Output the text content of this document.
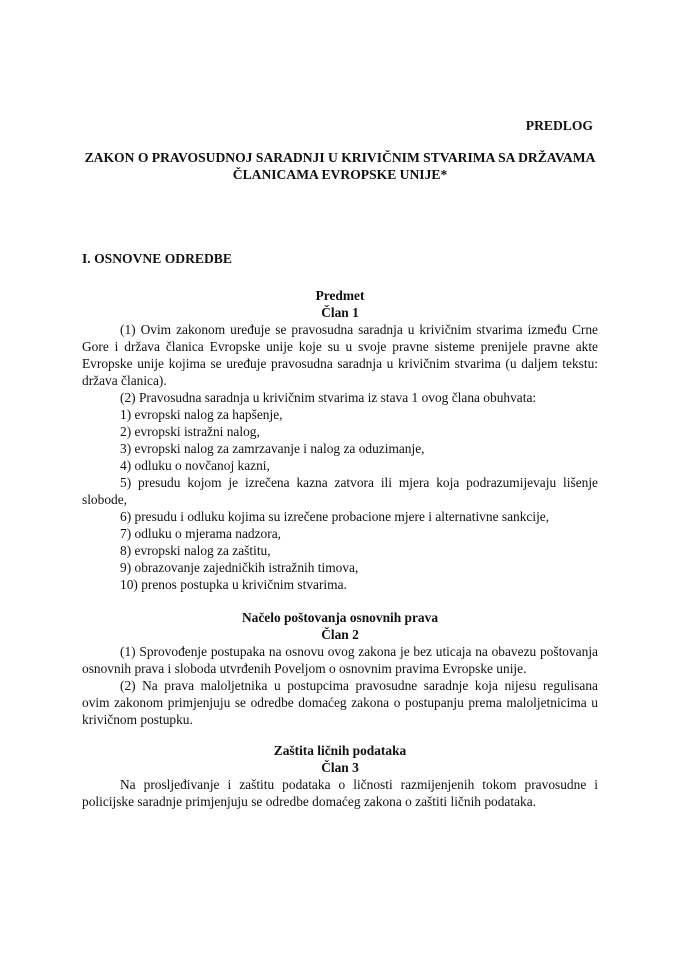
PREDLOG
ZAKON O PRAVOSUDNOJ SARADNJI U KRIVIČNIM STVARIMA SA DRŽAVAMA
ČLANICAMA EVROPSKE UNIJE*
I. OSNOVNE ODREDBE
Predmet
Član 1
(1) Ovim zakonom uređuje se pravosudna saradnja u krivičnim stvarima između Crne
Gore i država članica Evropske unije koje su u svoje pravne sisteme prenijele pravne akte
Evropske unije kojima se uređuje pravosudna saradnja u krivičnim stvarima (u daljem tekstu:
država članica).
(2) Pravosudna saradnja u krivičnim stvarima iz stava 1 ovog člana obuhvata:
1) evropski nalog za hapšenje,
2) evropski istražni nalog,
3) evropski nalog za zamrzavanje i nalog za oduzimanje,
4) odluku o novčanoj kazni,
5) presudu kojom je izrečena kazna zatvora ili mjera koja podrazumijevaju lišenje
slobode,
6) presudu i odluku kojima su izrečene probacione mjere i alternativne sankcije,
7) odluku o mjerama nadzora,
8) evropski nalog za zaštitu,
9) obrazovanje zajedničkih istražnih timova,
10) prenos postupka u krivičnim stvarima.
Načelo poštovanja osnovnih prava
Član 2
(1) Sprovođenje postupaka na osnovu ovog zakona je bez uticaja na obavezu poštovanja
osnovnih prava i sloboda utvrđenih Poveljom o osnovnim pravima Evropske unije.
(2) Na prava maloljetnika u postupcima pravosudne saradnje koja nijesu regulisana
ovim zakonom primjenjuju se odredbe domaćeg zakona o postupanju prema maloljetnicima u
krivičnom postupku.
Zaštita ličnih podataka
Član 3
Na prosljeđivanje i zaštitu podataka o ličnosti razmijenjenih tokom pravosudne i
policijske saradnje primjenjuju se odredbe domaćeg zakona o zaštiti ličnih podataka.
